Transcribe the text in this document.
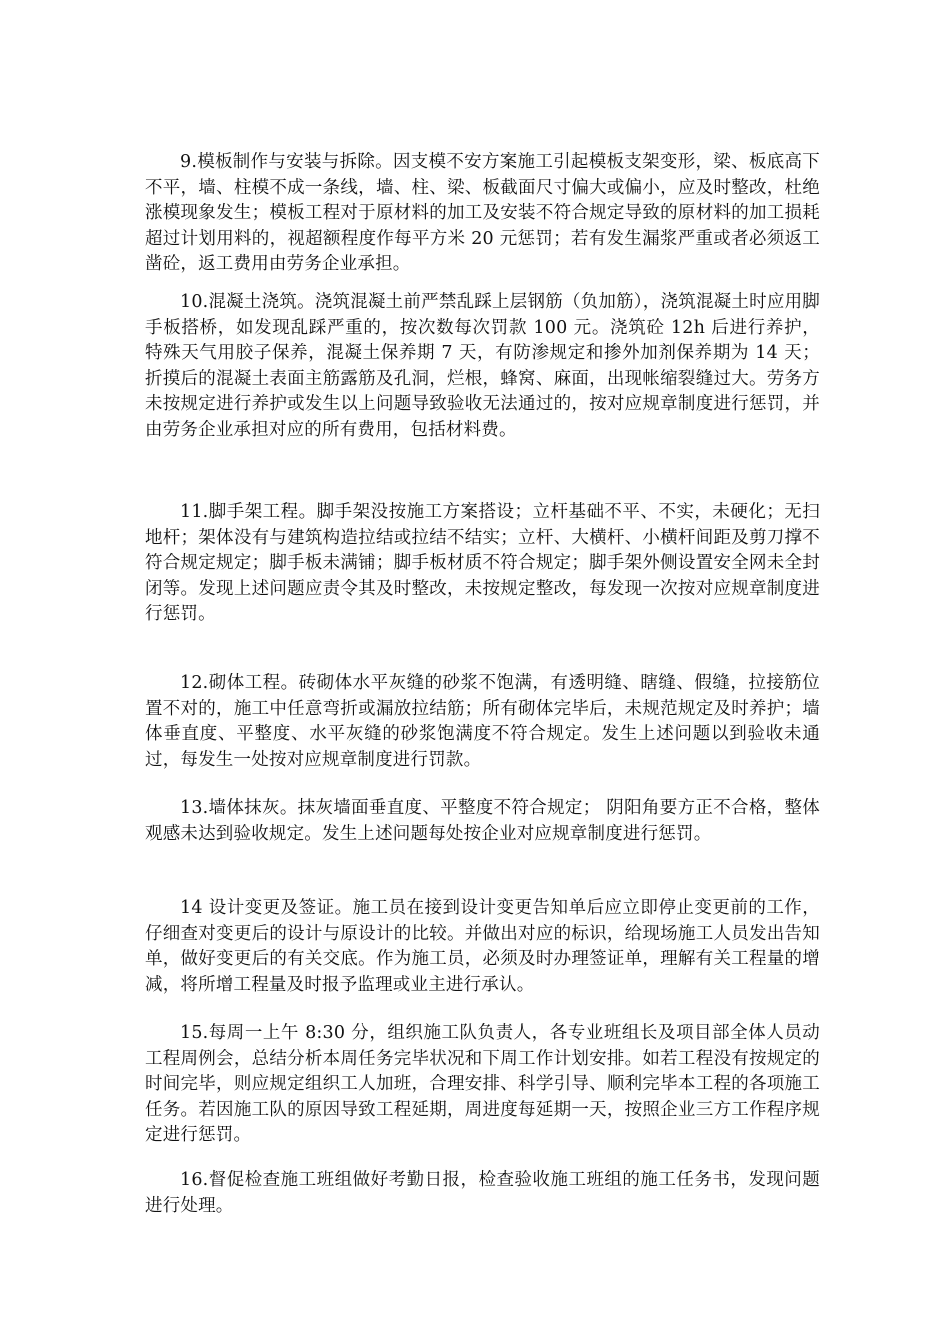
9.模板制作与安装与拆除。因支模不安方案施工引起模板支架变形，梁、板底高下不平，墙、柱模不成一条线，墙、柱、梁、板截面尺寸偏大或偏小，应及时整改，杜绝涨模现象发生；模板工程对于原材料的加工及安装不符合规定导致的原材料的加工损耗超过计划用料的，视超额程度作每平方米 20 元惩罚；若有发生漏浆严重或者必须返工凿砼，返工费用由劳务企业承担。

10.混凝土浇筑。浇筑混凝土前严禁乱踩上层钢筋（负加筋），浇筑混凝土时应用脚手板搭桥，如发现乱踩严重的，按次数每次罚款 100 元。浇筑砼 12h 后进行养护，特殊天气用胶子保养，混凝土保养期 7 天，有防渗规定和掺外加剂保养期为 14 天；折摸后的混凝土表面主筋露筋及孔洞，烂根，蜂窝、麻面，出现帐缩裂缝过大。劳务方未按规定进行养护或发生以上问题导致验收无法通过的，按对应规章制度进行惩罚，并由劳务企业承担对应的所有费用，包括材料费。

11.脚手架工程。脚手架没按施工方案搭设；立杆基础不平、不实，未硬化；无扫地杆；架体没有与建筑构造拉结或拉结不结实；立杆、大横杆、小横杆间距及剪刀撑不符合规定规定；脚手板未满铺；脚手板材质不符合规定；脚手架外侧设置安全网未全封闭等。发现上述问题应责令其及时整改，未按规定整改，每发现一次按对应规章制度进行惩罚。

12.砌体工程。砖砌体水平灰缝的砂浆不饱满，有透明缝、瞎缝、假缝，拉接筋位置不对的，施工中任意弯折或漏放拉结筋；所有砌体完毕后，未规范规定及时养护；墙体垂直度、平整度、水平灰缝的砂浆饱满度不符合规定。发生上述问题以到验收未通过，每发生一处按对应规章制度进行罚款。

13.墙体抹灰。抹灰墙面垂直度、平整度不符合规定； 阴阳角要方正不合格，整体观感未达到验收规定。发生上述问题每处按企业对应规章制度进行惩罚。

14 设计变更及签证。施工员在接到设计变更告知单后应立即停止变更前的工作，仔细查对变更后的设计与原设计的比较。并做出对应的标识，给现场施工人员发出告知单，做好变更后的有关交底。作为施工员，必须及时办理签证单，理解有关工程量的增减，将所增工程量及时报予监理或业主进行承认。

15.每周一上午 8:30 分，组织施工队负责人，各专业班组长及项目部全体人员动工程周例会，总结分析本周任务完毕状况和下周工作计划安排。如若工程没有按规定的时间完毕，则应规定组织工人加班，合理安排、科学引导、顺利完毕本工程的各项施工任务。若因施工队的原因导致工程延期，周进度每延期一天，按照企业三方工作程序规定进行惩罚。

16.督促检查施工班组做好考勤日报，检查验收施工班组的施工任务书，发现问题进行处理。
